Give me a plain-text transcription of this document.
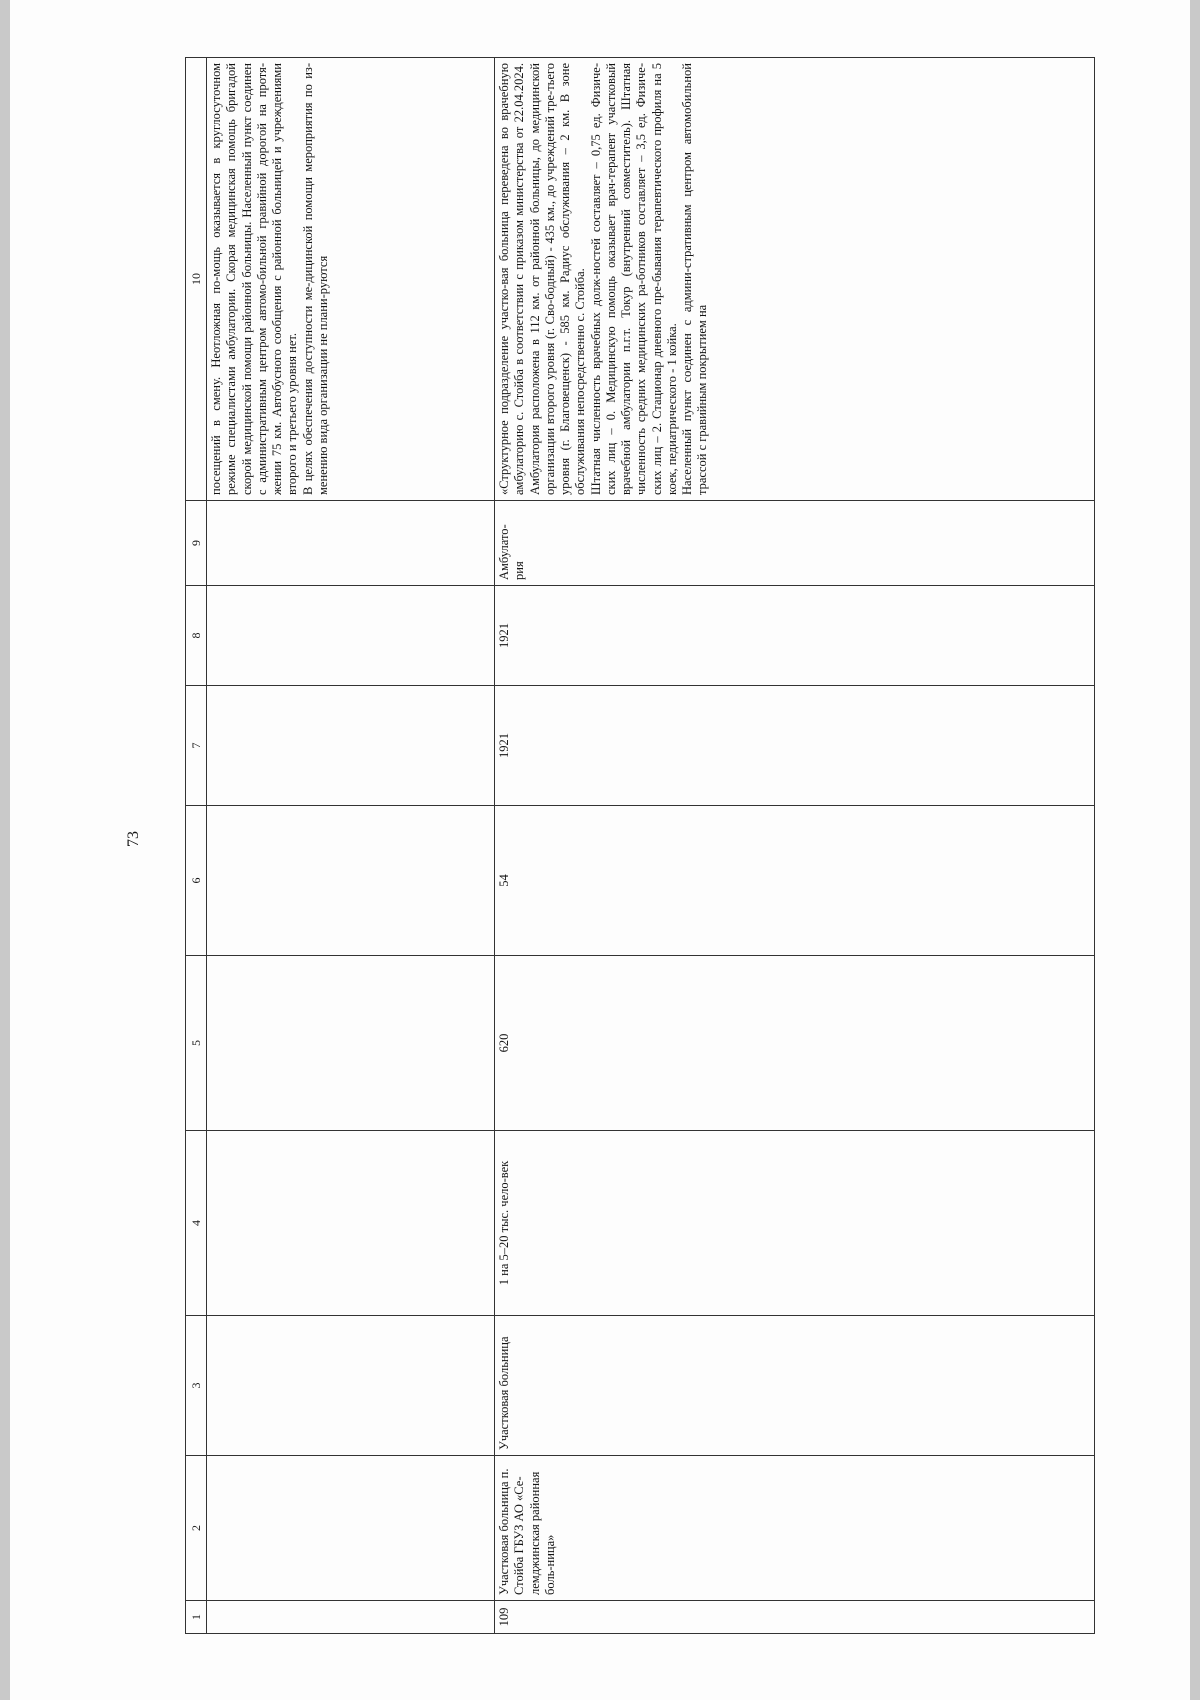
73
1	2	3	4	5	6	7	8	9	10

									посещений в смену. Неотложная по-мощь оказывается в круглосуточном режиме специалистами амбулатории. Скорая медицинская помощь бригадой скорой медицинской помощи районной больницы. Населенный пункт соединен с административным центром автомо-бильной гравийной дорогой на протя-жении 75 км. Автобусного сообщения с районной больницей и учреждениями второго и третьего уровня нет. В целях обеспечения доступности ме-дицинской помощи мероприятия по из-менению вида организации не плани-руются

109	Участковая больница п. Стойба ГБУЗ АО «Се-лемджинская районная боль-ница»	Участковая больница	1 на 5–20 тыс. чело-век	620	54	1921	1921	Амбулато-рия	«Структурное подразделение участко-вая больница переведена во врачебную амбулаторию с. Стойба в соответствии с приказом министерства от 22.04.2024. Амбулатория расположена в 112 км. от районной больницы, до медицинской организации второго уровня (г. Сво-бодный) - 435 км., до учреждений тре-тьего уровня (г. Благовещенск) - 585 км. Радиус обслуживания – 2 км. В зоне обслуживания непосредственно с. Стойба. Штатная численность врачебных долж-ностей составляет – 0,75 ед. Физиче-ских лиц – 0. Медицинскую помощь оказывает врач-терапевт участковый врачебной амбулатории п.г.т. Токур (внутренний совместитель). Штатная численность средних медицинских ра-ботников составляет – 3,5 ед. Физиче-ских лиц – 2. Стационар дневного пре-бывания терапевтического профиля на 5 коек, педиатрического - 1 койка. Населенный пункт соединен с админи-стративным центром автомобильной трассой с гравийным покрытием на
